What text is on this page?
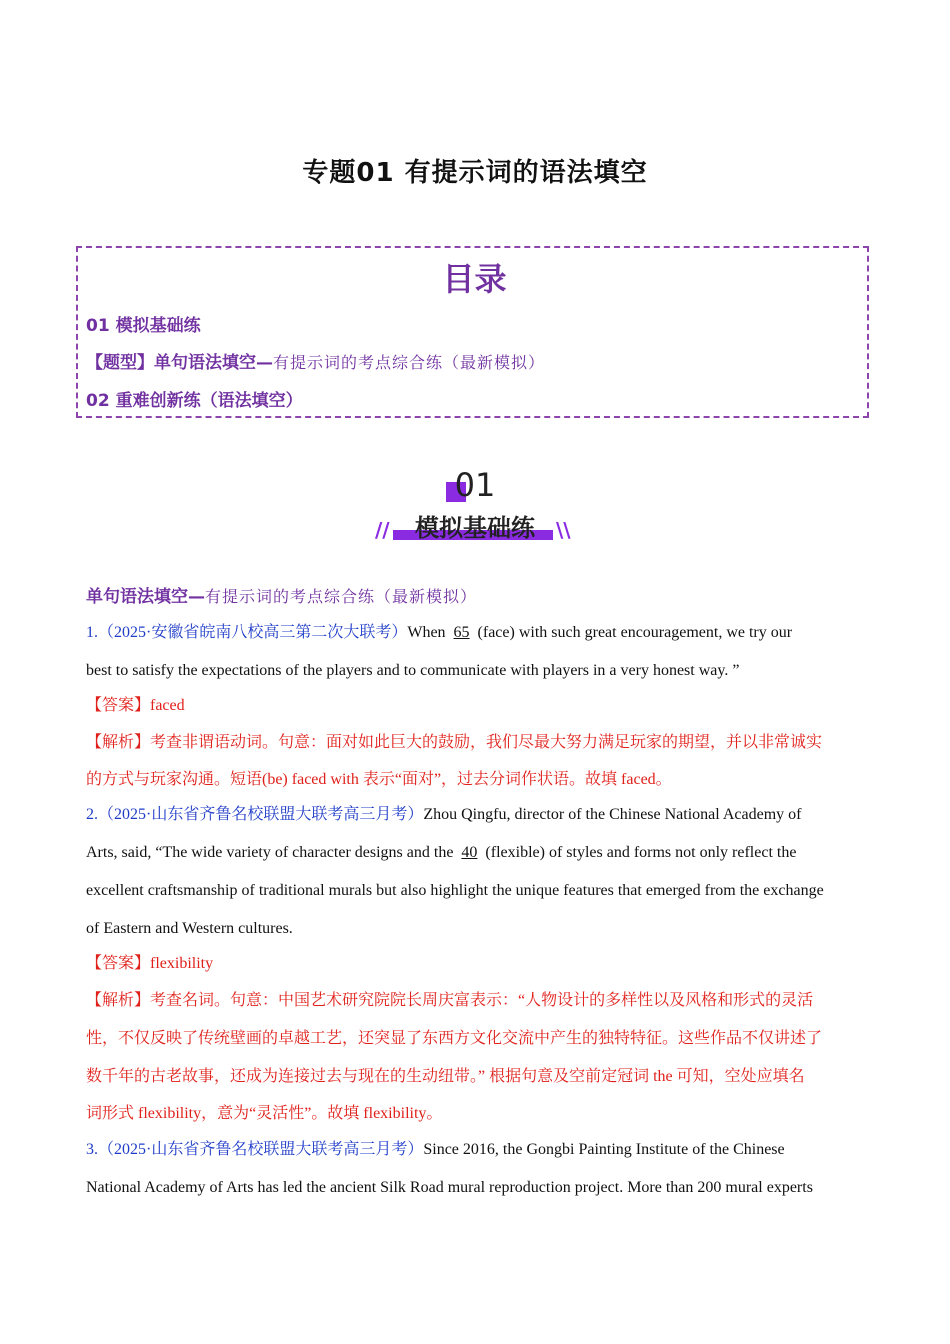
专题01 有提示词的语法填空
目录
01 模拟基础练
【题型】单句语法填空—有提示词的考点综合练（最新模拟）
02 重难创新练（语法填空）
01
模拟基础练
//	\\
单句语法填空—有提示词的考点综合练（最新模拟）
1.（2025·安徽省皖南八校高三第二次大联考）When 65 (face) with such great encouragement, we try our
best to satisfy the expectations of the players and to communicate with players in a very honest way. ”
【答案】faced
【解析】考查非谓语动词。句意：面对如此巨大的鼓励，我们尽最大努力满足玩家的期望，并以非常诚实
的方式与玩家沟通。短语(be) faced with 表示“面对”，过去分词作状语。故填 faced。
2.（2025·山东省齐鲁名校联盟大联考高三月考）Zhou Qingfu, director of the Chinese National Academy of
Arts, said, “The wide variety of character designs and the 40 (flexible) of styles and forms not only reflect the
excellent craftsmanship of traditional murals but also highlight the unique features that emerged from the exchange
of Eastern and Western cultures.
【答案】flexibility
【解析】考查名词。句意：中国艺术研究院院长周庆富表示：“人物设计的多样性以及风格和形式的灵活
性，不仅反映了传统壁画的卓越工艺，还突显了东西方文化交流中产生的独特特征。这些作品不仅讲述了
数千年的古老故事，还成为连接过去与现在的生动纽带。” 根据句意及空前定冠词 the 可知，空处应填名
词形式 flexibility，意为“灵活性”。故填 flexibility。
3.（2025·山东省齐鲁名校联盟大联考高三月考）Since 2016, the Gongbi Painting Institute of the Chinese
National Academy of Arts has led the ancient Silk Road mural reproduction project. More than 200 mural experts
